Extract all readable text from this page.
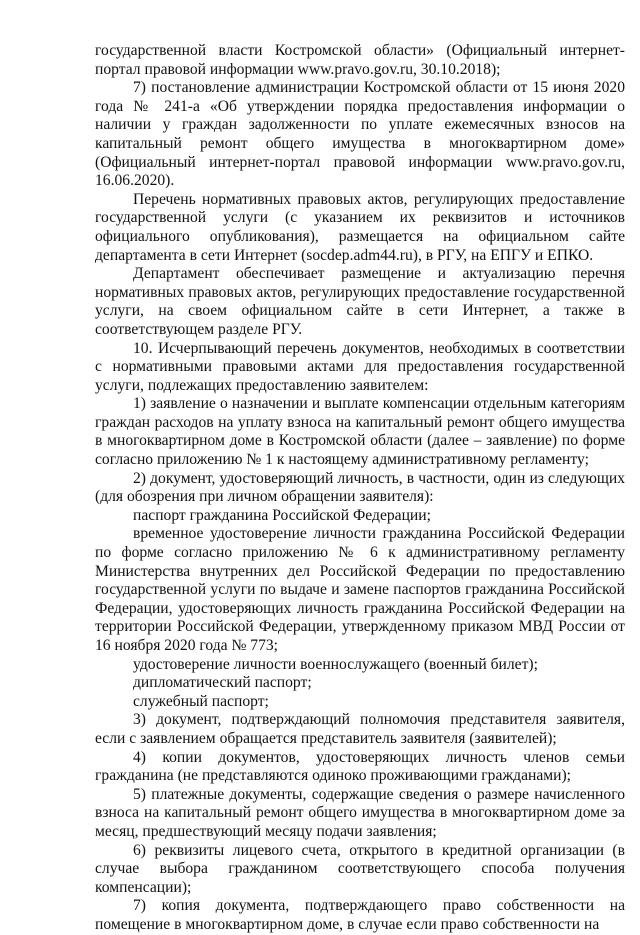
государственной власти Костромской области» (Официальный интернет-портал правовой информации www.pravo.gov.ru, 30.10.2018);

7) постановление администрации Костромской области от 15 июня 2020 года № 241-а «Об утверждении порядка предоставления информации о наличии у граждан задолженности по уплате ежемесячных взносов на капитальный ремонт общего имущества в многоквартирном доме» (Официальный интернет-портал правовой информации www.pravo.gov.ru, 16.06.2020).

Перечень нормативных правовых актов, регулирующих предоставление государственной услуги (с указанием их реквизитов и источников официального опубликования), размещается на официальном сайте департамента в сети Интернет (socdep.adm44.ru), в РГУ, на ЕПГУ и ЕПКО.

Департамент обеспечивает размещение и актуализацию перечня нормативных правовых актов, регулирующих предоставление государственной услуги, на своем официальном сайте в сети Интернет, а также в соответствующем разделе РГУ.

10. Исчерпывающий перечень документов, необходимых в соответствии с нормативными правовыми актами для предоставления государственной услуги, подлежащих предоставлению заявителем:

1) заявление о назначении и выплате компенсации отдельным категориям граждан расходов на уплату взноса на капитальный ремонт общего имущества в многоквартирном доме в Костромской области (далее – заявление) по форме согласно приложению № 1 к настоящему административному регламенту;

2) документ, удостоверяющий личность, в частности, один из следующих (для обозрения при личном обращении заявителя):

паспорт гражданина Российской Федерации;

временное удостоверение личности гражданина Российской Федерации по форме согласно приложению № 6 к административному регламенту Министерства внутренних дел Российской Федерации по предоставлению государственной услуги по выдаче и замене паспортов гражданина Российской Федерации, удостоверяющих личность гражданина Российской Федерации на территории Российской Федерации, утвержденному приказом МВД России от 16 ноября 2020 года № 773;

удостоверение личности военнослужащего (военный билет);

дипломатический паспорт;

служебный паспорт;

3) документ, подтверждающий полномочия представителя заявителя, если с заявлением обращается представитель заявителя (заявителей);

4) копии документов, удостоверяющих личность членов семьи гражданина (не представляются одиноко проживающими гражданами);

5) платежные документы, содержащие сведения о размере начисленного взноса на капитальный ремонт общего имущества в многоквартирном доме за месяц, предшествующий месяцу подачи заявления;

6) реквизиты лицевого счета, открытого в кредитной организации (в случае выбора гражданином соответствующего способа получения компенсации);

7) копия документа, подтверждающего право собственности на помещение в многоквартирном доме, в случае если право собственности на
